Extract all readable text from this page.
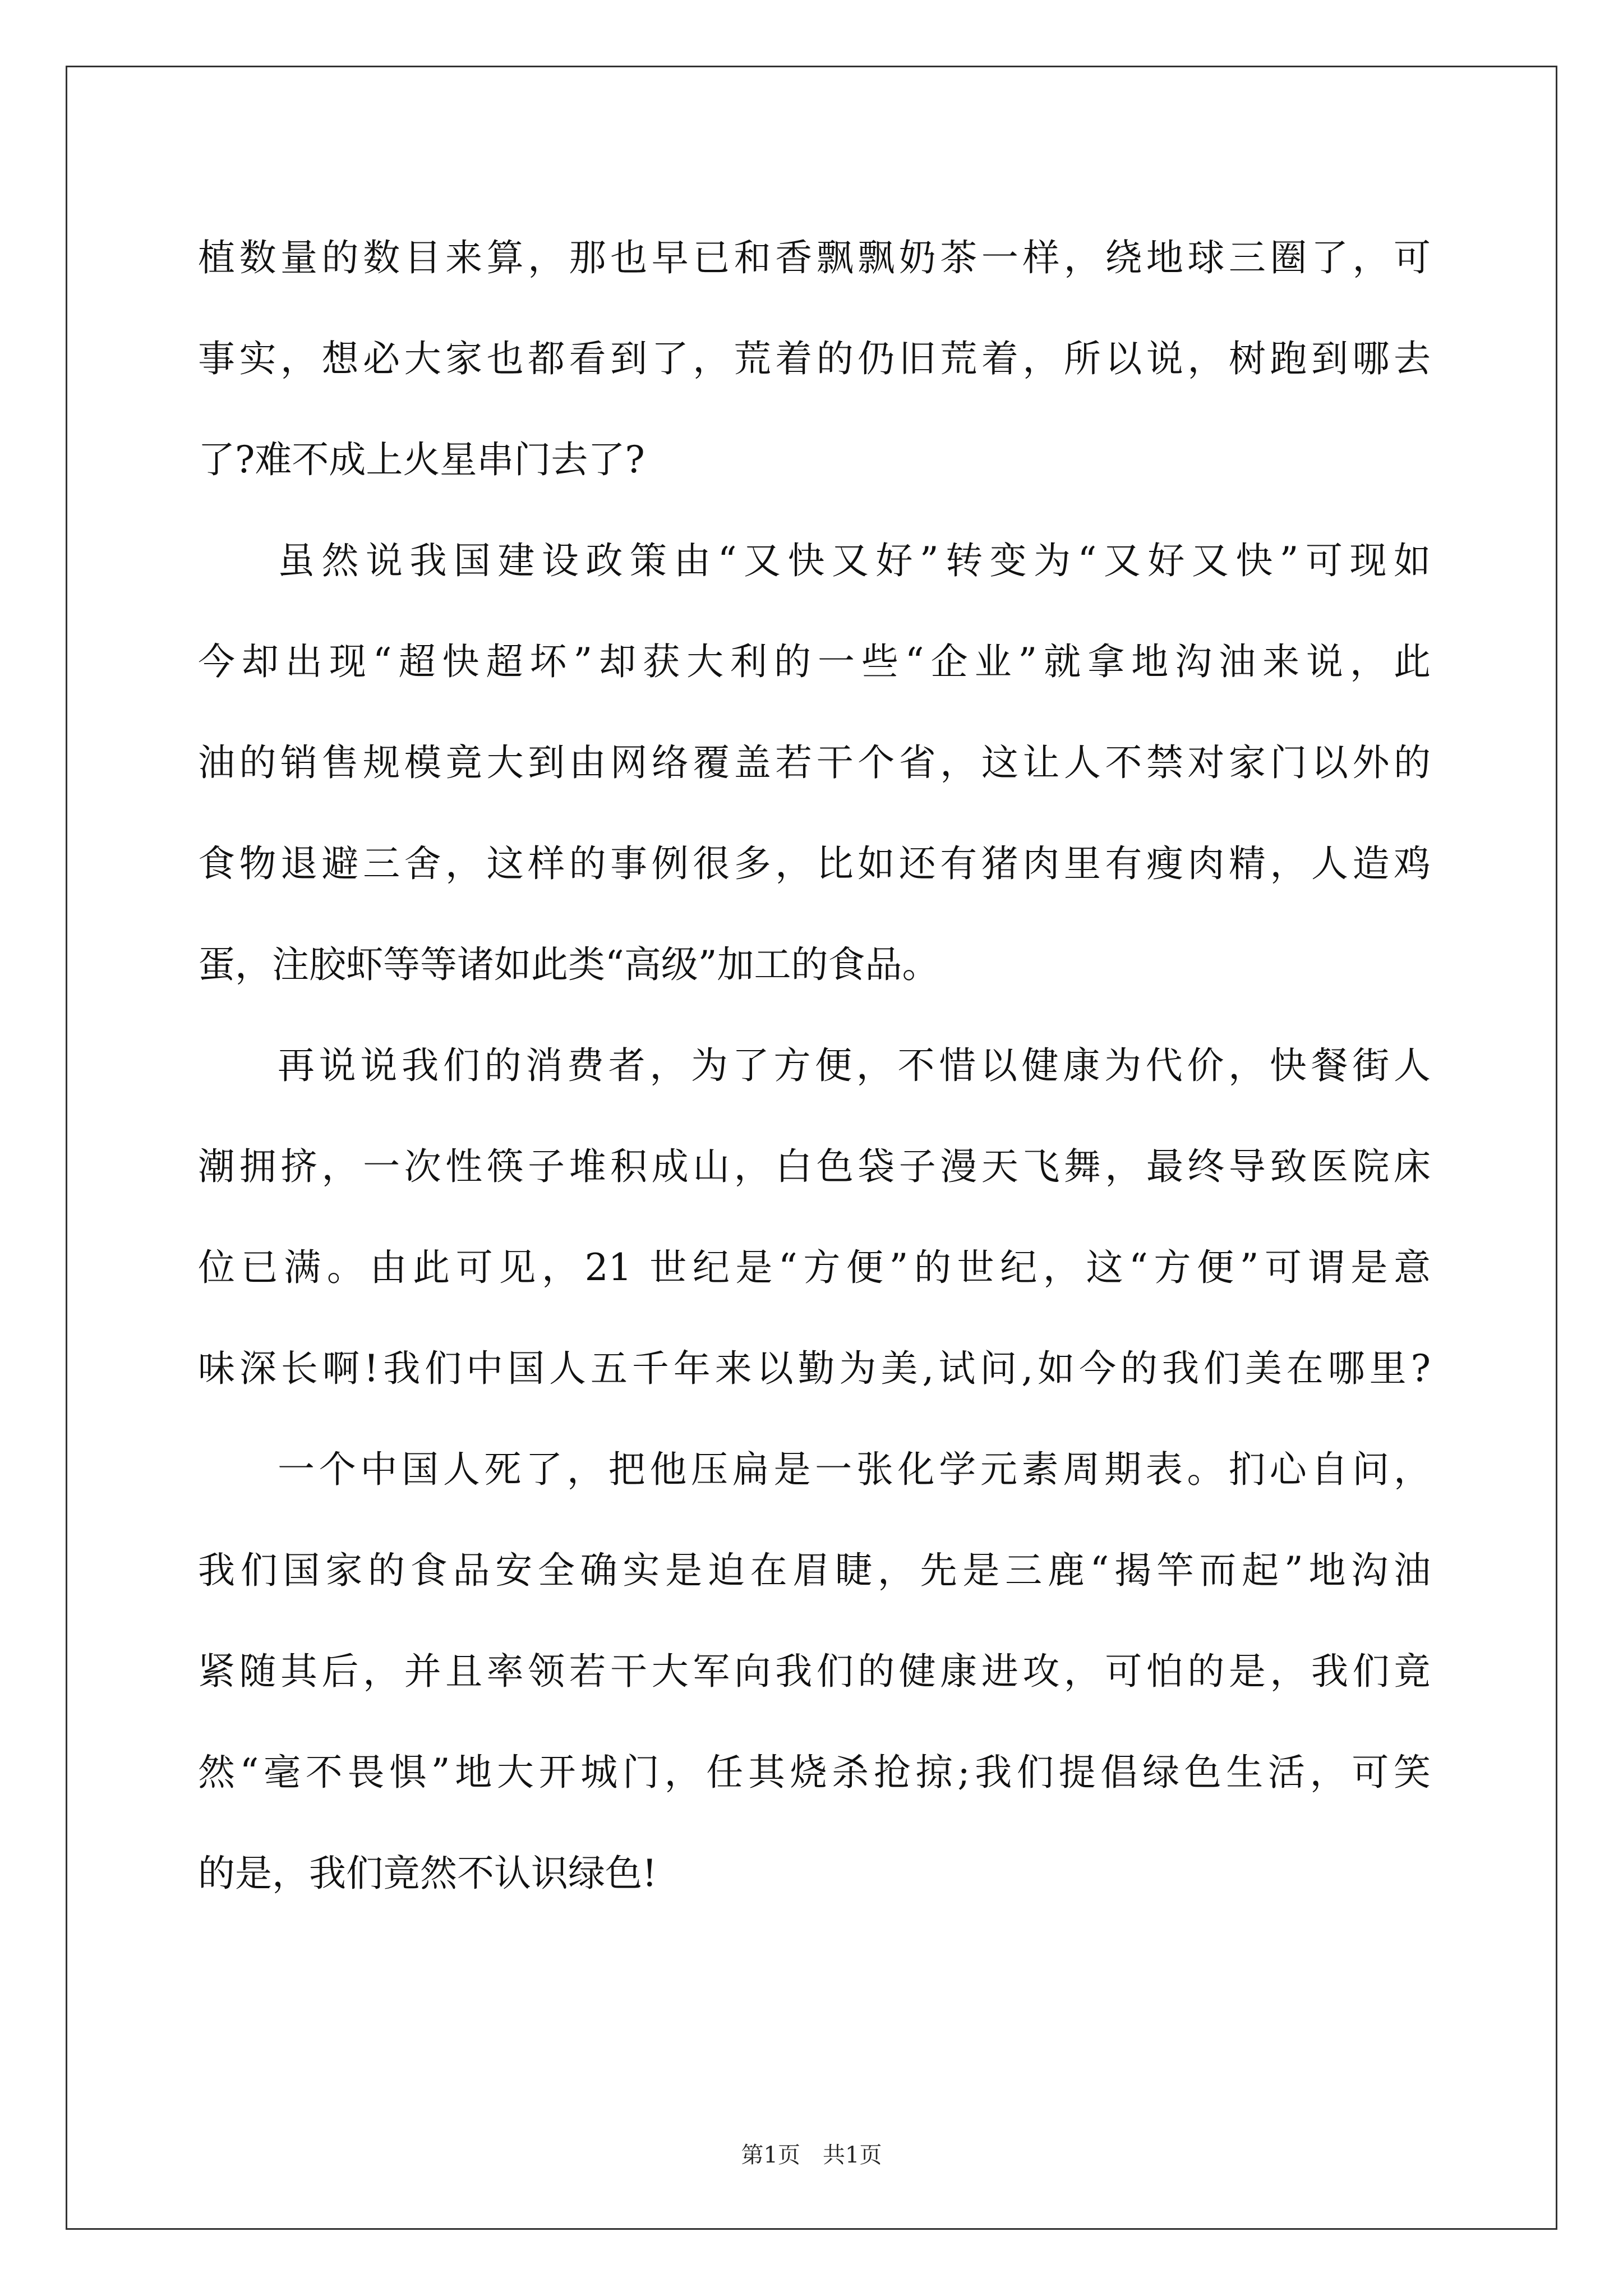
植数量的数目来算，那也早已和香飘飘奶茶一样，绕地球三圈了，可
事实，想必大家也都看到了，荒着的仍旧荒着，所以说，树跑到哪去
了?难不成上火星串门去了?
虽然说我国建设政策由“又快又好”转变为“又好又快”可现如
今却出现“超快超坏”却获大利的一些“企业”就拿地沟油来说，此
油的销售规模竟大到由网络覆盖若干个省，这让人不禁对家门以外的
食物退避三舍，这样的事例很多，比如还有猪肉里有瘦肉精，人造鸡
蛋，注胶虾等等诸如此类“高级”加工的食品。
再说说我们的消费者，为了方便，不惜以健康为代价，快餐街人
潮拥挤，一次性筷子堆积成山，白色袋子漫天飞舞，最终导致医院床
位已满。由此可见，21 世纪是“方便”的世纪，这“方便”可谓是意
味深长啊!我们中国人五千年来以勤为美,试问,如今的我们美在哪里?
一个中国人死了，把他压扁是一张化学元素周期表。扪心自问，
我们国家的食品安全确实是迫在眉睫，先是三鹿“揭竿而起”地沟油
紧随其后，并且率领若干大军向我们的健康进攻，可怕的是，我们竟
然“毫不畏惧”地大开城门，任其烧杀抢掠;我们提倡绿色生活，可笑
的是，我们竟然不认识绿色!
第1页　共1页
